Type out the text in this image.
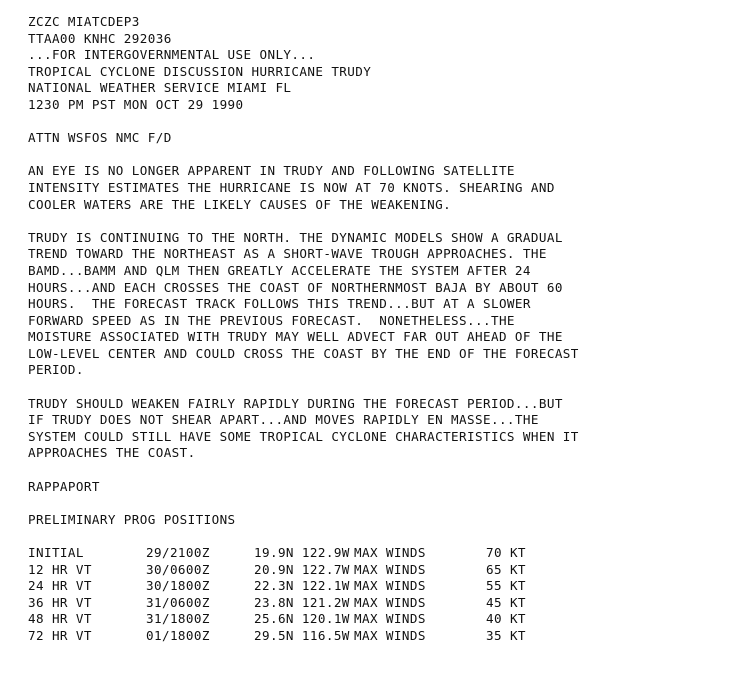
ZCZC MIATCDEP3
TTAA00 KNHC 292036
...FOR INTERGOVERNMENTAL USE ONLY...
TROPICAL CYCLONE DISCUSSION HURRICANE TRUDY
NATIONAL WEATHER SERVICE MIAMI FL
1230 PM PST MON OCT 29 1990
ATTN WSFOS NMC F/D
AN EYE IS NO LONGER APPARENT IN TRUDY AND FOLLOWING SATELLITE
INTENSITY ESTIMATES THE HURRICANE IS NOW AT 70 KNOTS. SHEARING AND
COOLER WATERS ARE THE LIKELY CAUSES OF THE WEAKENING.
TRUDY IS CONTINUING TO THE NORTH. THE DYNAMIC MODELS SHOW A GRADUAL
TREND TOWARD THE NORTHEAST AS A SHORT-WAVE TROUGH APPROACHES. THE
BAMD...BAMM AND QLM THEN GREATLY ACCELERATE THE SYSTEM AFTER 24
HOURS...AND EACH CROSSES THE COAST OF NORTHERNMOST BAJA BY ABOUT 60
HOURS.  THE FORECAST TRACK FOLLOWS THIS TREND...BUT AT A SLOWER
FORWARD SPEED AS IN THE PREVIOUS FORECAST.  NONETHELESS...THE
MOISTURE ASSOCIATED WITH TRUDY MAY WELL ADVECT FAR OUT AHEAD OF THE
LOW-LEVEL CENTER AND COULD CROSS THE COAST BY THE END OF THE FORECAST
PERIOD.
TRUDY SHOULD WEAKEN FAIRLY RAPIDLY DURING THE FORECAST PERIOD...BUT
IF TRUDY DOES NOT SHEAR APART...AND MOVES RAPIDLY EN MASSE...THE
SYSTEM COULD STILL HAVE SOME TROPICAL CYCLONE CHARACTERISTICS WHEN IT
APPROACHES THE COAST.
RAPPAPORT
PRELIMINARY PROG POSITIONS
INITIAL	29/2100Z	19.9N 122.9W MAX WINDS	70 KT
12 HR VT	30/0600Z	20.9N 122.7W MAX WINDS	65 KT
24 HR VT	30/1800Z	22.3N 122.1W MAX WINDS	55 KT
36 HR VT	31/0600Z	23.8N 121.2W MAX WINDS	45 KT
48 HR VT	31/1800Z	25.6N 120.1W MAX WINDS	40 KT
72 HR VT	01/1800Z	29.5N 116.5W MAX WINDS	35 KT
